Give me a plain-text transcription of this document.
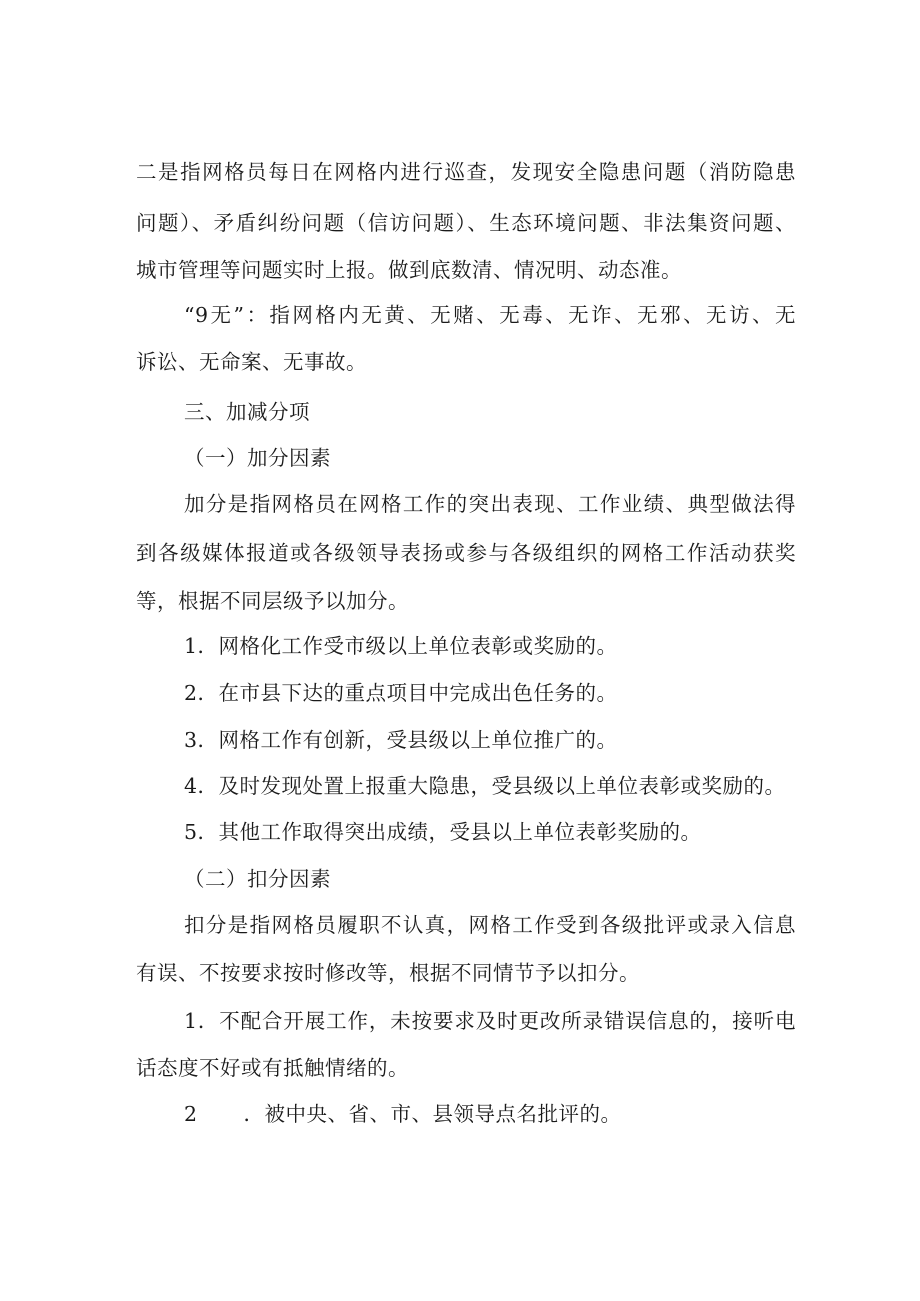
二是指网格员每日在网格内进行巡查，发现安全隐患问题（消防隐患
问题）、矛盾纠纷问题（信访问题）、生态环境问题、非法集资问题、
城市管理等问题实时上报。做到底数清、情况明、动态准。
“9无”：指网格内无黄、无赌、无毒、无诈、无邪、无访、无
诉讼、无命案、无事故。
三、加减分项
（一）加分因素
加分是指网格员在网格工作的突出表现、工作业绩、典型做法得
到各级媒体报道或各级领导表扬或参与各级组织的网格工作活动获奖
等，根据不同层级予以加分。
1．网格化工作受市级以上单位表彰或奖励的。
2．在市县下达的重点项目中完成出色任务的。
3．网格工作有创新，受县级以上单位推广的。
4．及时发现处置上报重大隐患，受县级以上单位表彰或奖励的。
5．其他工作取得突出成绩，受县以上单位表彰奖励的。
（二）扣分因素
扣分是指网格员履职不认真，网格工作受到各级批评或录入信息
有误、不按要求按时修改等，根据不同情节予以扣分。
1．不配合开展工作，未按要求及时更改所录错误信息的，接听电
话态度不好或有抵触情绪的。
2 ．被中央、省、市、县领导点名批评的。
